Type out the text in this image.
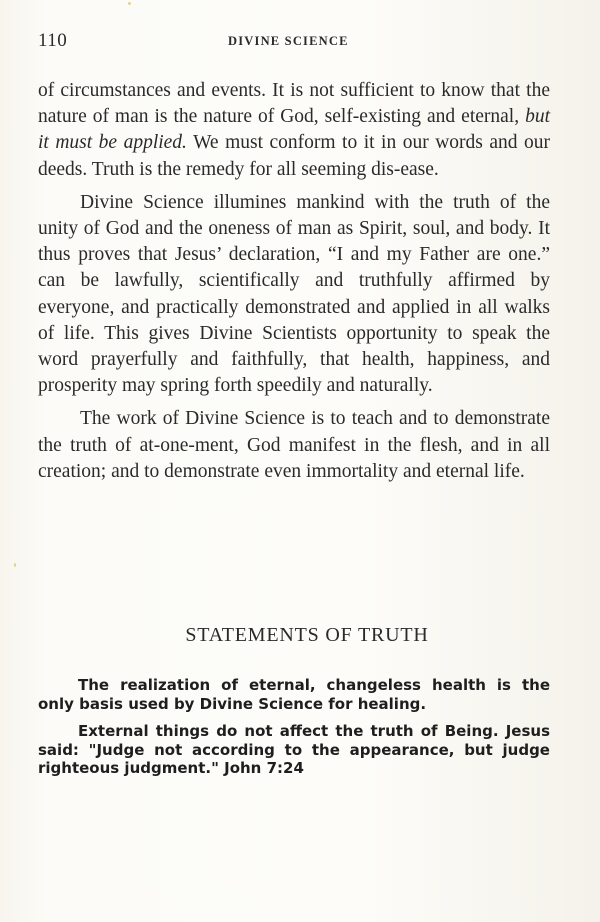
110	DIVINE SCIENCE

of circumstances and events. It is not sufficient to know that the nature of man is the nature of God, self-existing and eternal, but it must be applied. We must conform to it in our words and our deeds. Truth is the remedy for all seeming dis-ease.

Divine Science illumines mankind with the truth of the unity of God and the oneness of man as Spirit, soul, and body. It thus proves that Jesus’ declaration, “I and my Father are one.” can be lawfully, scientifically and truthfully affirmed by everyone, and practically demonstrated and applied in all walks of life. This gives Divine Scientists opportunity to speak the word prayerfully and faithfully, that health, happiness, and prosperity may spring forth speedily and naturally.

The work of Divine Science is to teach and to demonstrate the truth of at-one-ment, God manifest in the flesh, and in all creation; and to demonstrate even immortality and eternal life.

STATEMENTS OF TRUTH

The realization of eternal, changeless health is the only basis used by Divine Science for healing.

External things do not affect the truth of Being. Jesus said: "Judge not according to the appearance, but judge righteous judgment." John 7:24
